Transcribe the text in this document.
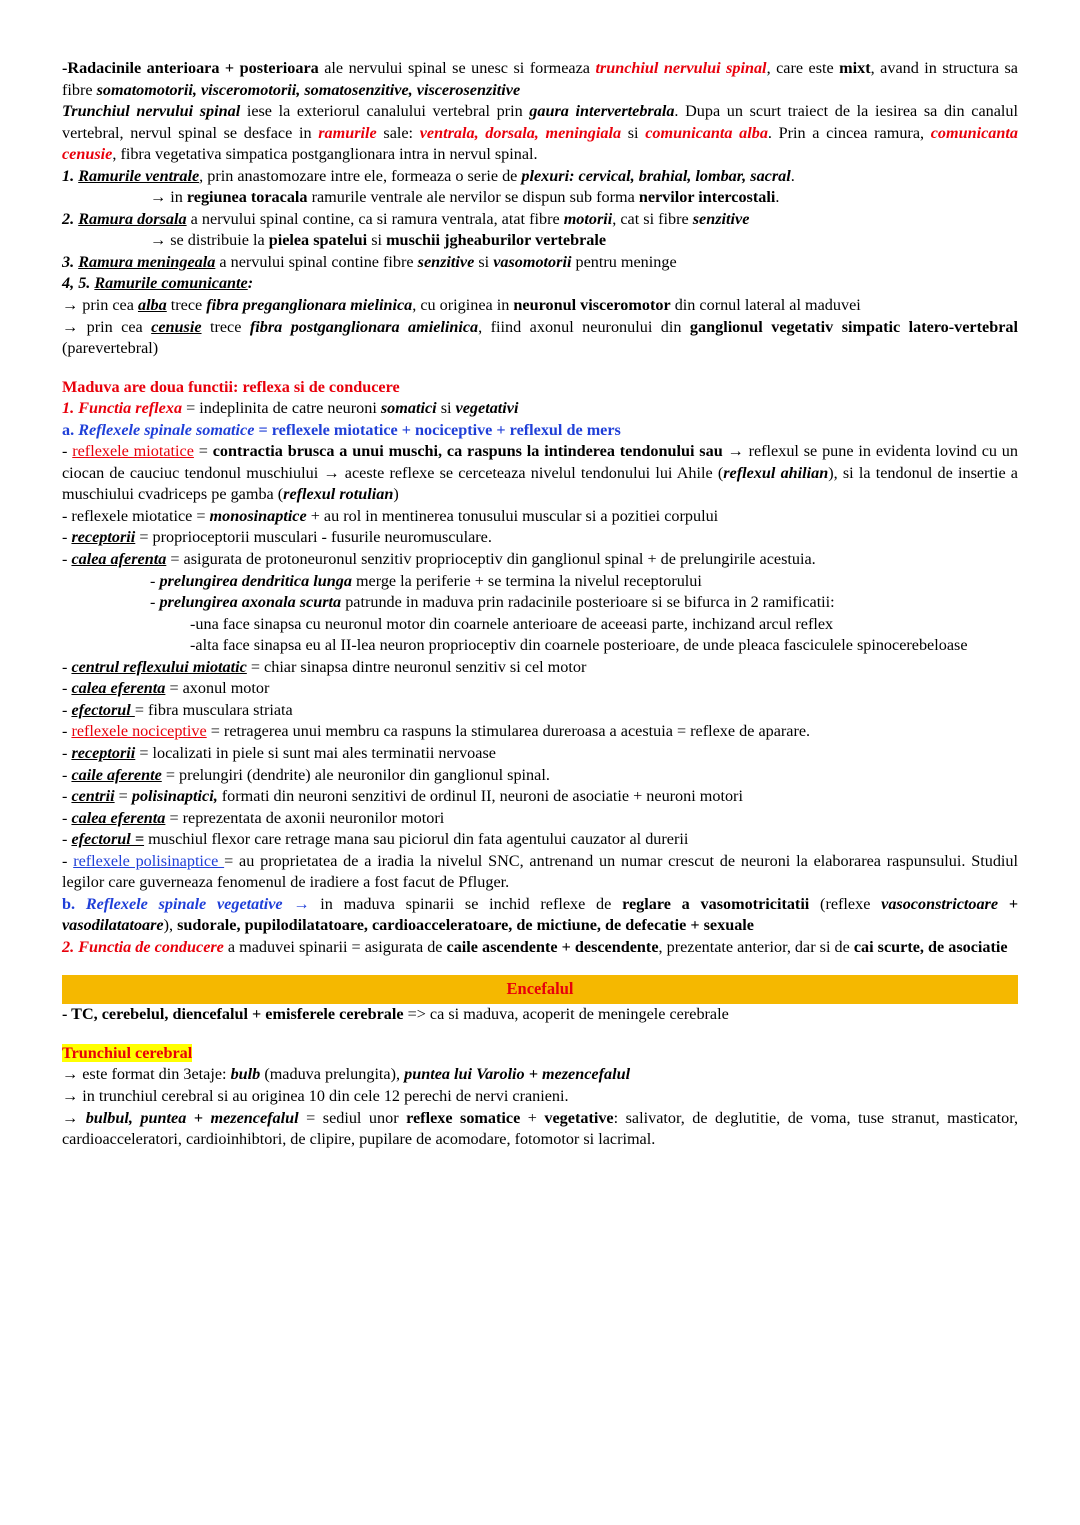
-Radacinile anterioara + posterioara ale nervului spinal se unesc si formeaza trunchiul nervului spinal, care este mixt, avand in structura sa fibre somatomotorii, visceromotorii, somatosenzitive, viscerosenzitive

Trunchiul nervului spinal iese la exteriorul canalului vertebral prin gaura intervertebrala. Dupa un scurt traiect de la iesirea sa din canalul vertebral, nervul spinal se desface in ramurile sale: ventrala, dorsala, meningiala si comunicanta alba. Prin a cincea ramura, comunicanta cenusie, fibra vegetativa simpatica postganglionara intra in nervul spinal.

1. Ramurile ventrale, prin anastomozare intre ele, formeaza o serie de plexuri: cervical, brahial, lombar, sacral.

→ in regiunea toracala ramurile ventrale ale nervilor se dispun sub forma nervilor intercostali.

2. Ramura dorsala a nervului spinal contine, ca si ramura ventrala, atat fibre motorii, cat si fibre senzitive

→ se distribuie la pielea spatelui si muschii jgheaburilor vertebrale

3. Ramura meningeala a nervului spinal contine fibre senzitive si vasomotorii pentru meninge

4, 5. Ramurile comunicante:

→ prin cea alba trece fibra preganglionara mielinica, cu originea in neuronul visceromotor din cornul lateral al maduvei

→ prin cea cenusie trece fibra postganglionara amielinica, fiind axonul neuronului din ganglionul vegetativ simpatic latero-vertebral (parevertebral)

Maduva are doua functii: reflexa si de conducere

1. Functia reflexa = indeplinita de catre neuroni somatici si vegetativi

a. Reflexele spinale somatice = reflexele miotatice + nociceptive + reflexul de mers

- reflexele miotatice = contractia brusca a unui muschi, ca raspuns la intinderea tendonului sau → reflexul se pune in evidenta lovind cu un ciocan de cauciuc tendonul muschiului → aceste reflexe se cerceteaza nivelul tendonului lui Ahile (reflexul ahilian), si la tendonul de insertie a muschiului cvadriceps pe gamba (reflexul rotulian)

- reflexele miotatice = monosinaptice + au rol in mentinerea tonusului muscular si a pozitiei corpului

- receptorii = proprioceptorii musculari - fusurile neuromusculare.

- calea aferenta = asigurata de protoneuronul senzitiv proprioceptiv din ganglionul spinal + de prelungirile acestuia.

- prelungirea dendritica lunga merge la periferie + se termina la nivelul receptorului

- prelungirea axonala scurta patrunde in maduva prin radacinile posterioare si se bifurca in 2 ramificatii:

-una face sinapsa cu neuronul motor din coarnele anterioare de aceeasi parte, inchizand arcul reflex

-alta face sinapsa eu al II-lea neuron proprioceptiv din coarnele posterioare, de unde pleaca fasciculele spinocerebeloase

- centrul reflexului miotatic = chiar sinapsa dintre neuronul senzitiv si cel motor

- calea eferenta = axonul motor

- efectorul = fibra musculara striata

- reflexele nociceptive = retragerea unui membru ca raspuns la stimularea dureroasa a acestuia = reflexe de aparare.

- receptorii = localizati in piele si sunt mai ales terminatii nervoase

- caile aferente = prelungiri (dendrite) ale neuronilor din ganglionul spinal.

- centrii = polisinaptici, formati din neuroni senzitivi de ordinul II, neuroni de asociatie + neuroni motori

- calea eferenta = reprezentata de axonii neuronilor motori

- efectorul = muschiul flexor care retrage mana sau piciorul din fata agentului cauzator al durerii

- reflexele polisinaptice = au proprietatea de a iradia la nivelul SNC, antrenand un numar crescut de neuroni la elaborarea raspunsului. Studiul legilor care guverneaza fenomenul de iradiere a fost facut de Pfluger.

b. Reflexele spinale vegetative → in maduva spinarii se inchid reflexe de reglare a vasomotricitatii (reflexe vasoconstrictoare + vasodilatatoare), sudorale, pupilodilatatoare, cardioacceleratoare, de mictiune, de defecatie + sexuale

2. Functia de conducere a maduvei spinarii = asigurata de caile ascendente + descendente, prezentate anterior, dar si de cai scurte, de asociatie

Encefalul

- TC, cerebelul, diencefalul + emisferele cerebrale => ca si maduva, acoperit de meningele cerebrale

Trunchiul cerebral

→ este format din 3etaje: bulb (maduva prelungita), puntea lui Varolio + mezencefalul

→ in trunchiul cerebral si au originea 10 din cele 12 perechi de nervi cranieni.

→ bulbul, puntea + mezencefalul = sediul unor reflexe somatice + vegetative: salivator, de deglutitie, de voma, tuse stranut, masticator, cardioacceleratori, cardioinhibtori, de clipire, pupilare de acomodare, fotomotor si lacrimal.
